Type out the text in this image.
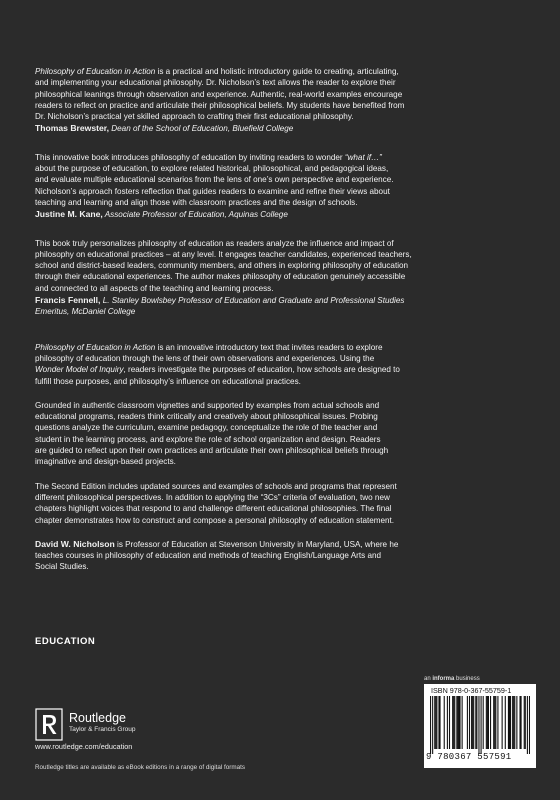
Philosophy of Education in Action is a practical and holistic introductory guide to creating, articulating,
and implementing your educational philosophy. Dr. Nicholson’s text allows the reader to explore their
philosophical leanings through observation and experience. Authentic, real-world examples encourage
readers to reflect on practice and articulate their philosophical beliefs. My students have benefited from
Dr. Nicholson’s practical yet skilled approach to crafting their first educational philosophy.
Thomas Brewster, Dean of the School of Education, Bluefield College
This innovative book introduces philosophy of education by inviting readers to wonder “what if…”
about the purpose of education, to explore related historical, philosophical, and pedagogical ideas,
and evaluate multiple educational scenarios from the lens of one’s own perspective and experience.
Nicholson’s approach fosters reflection that guides readers to examine and refine their views about
teaching and learning and align those with classroom practices and the design of schools.
Justine M. Kane, Associate Professor of Education, Aquinas College
This book truly personalizes philosophy of education as readers analyze the influence and impact of
philosophy on educational practices – at any level. It engages teacher candidates, experienced teachers,
school and district-based leaders, community members, and others in exploring philosophy of education
through their educational experiences. The author makes philosophy of education genuinely accessible
and connected to all aspects of the teaching and learning process.
Francis Fennell, L. Stanley Bowlsbey Professor of Education and Graduate and Professional Studies
Emeritus, McDaniel College
Philosophy of Education in Action is an innovative introductory text that invites readers to explore
philosophy of education through the lens of their own observations and experiences. Using the
Wonder Model of Inquiry, readers investigate the purposes of education, how schools are designed to
fulfill those purposes, and philosophy’s influence on educational practices.
Grounded in authentic classroom vignettes and supported by examples from actual schools and
educational programs, readers think critically and creatively about philosophical issues. Probing
questions analyze the curriculum, examine pedagogy, conceptualize the role of the teacher and
student in the learning process, and explore the role of school organization and design. Readers
are guided to reflect upon their own practices and articulate their own philosophical beliefs through
imaginative and design-based projects.
The Second Edition includes updated sources and examples of schools and programs that represent
different philosophical perspectives. In addition to applying the “3Cs” criteria of evaluation, two new
chapters highlight voices that respond to and challenge different educational philosophies. The final
chapter demonstrates how to construct and compose a personal philosophy of education statement.
David W. Nicholson is Professor of Education at Stevenson University in Maryland, USA, where he
teaches courses in philosophy of education and methods of teaching English/Language Arts and
Social Studies.
EDUCATION
Routledge
Taylor & Francis Group
www.routledge.com/education
Routledge titles are available as eBook editions in a range of digital formats
an informa business
ISBN 978-0-367-55759-1
9 780367 557591
